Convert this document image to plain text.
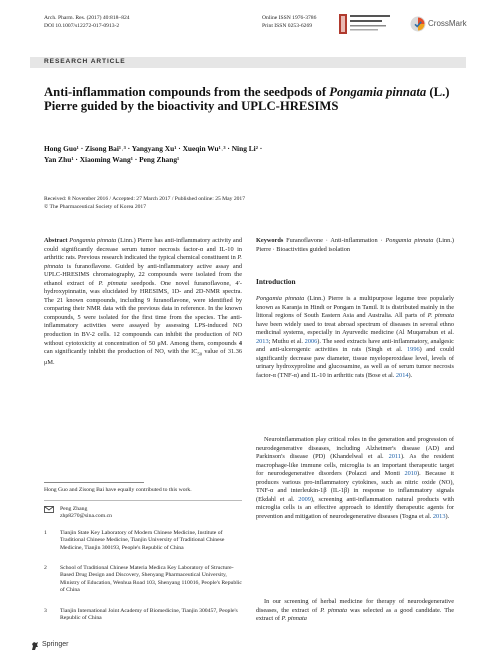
Arch. Pharm. Res. (2017) 40:818–824
DOI 10.1007/s12272-017-0913-2
Online ISSN 1976-3786
Print ISSN 0253-6269	CrossMark
RESEARCH ARTICLE
Anti-inflammation compounds from the seedpods of Pongamia pinnata (L.) Pierre guided by the bioactivity and UPLC-HRESIMS
Hong Guo¹ · Zisong Bai¹˒³ · Yangyang Xu¹ · Xueqin Wu¹˒³ · Ning Li² ·
Yan Zhu¹ · Xiaoming Wang¹ · Peng Zhang¹
Received: 8 November 2016 / Accepted: 27 March 2017 / Published online: 25 May 2017
© The Pharmaceutical Society of Korea 2017

Abstract Pongamia pinnata (Linn.) Pierre has anti-inflammatory activity and could significantly decrease serum tumor necrosis factor-α and IL-10 in arthritic rats. Previous research indicated the typical chemical constituent in P. pinnata is furanoflavone. Guided by anti-inflammatory active assay and UPLC-HRESIMS chromatography, 22 compounds were isolated from the ethanol extract of P. pinnata seedpods. One novel furanoflavone, 4′-hydroxypinnatin, was elucidated by HRESIMS, 1D- and 2D-NMR spectra. The 21 known compounds, including 9 furanoflavone, were identified by comparing their NMR data with the previous data in reference. In the known compounds, 5 were isolated for the first time from the species. The anti-inflammatory activities were assayed by assessing LPS-induced NO production in BV-2 cells. 12 compounds can inhibit the production of NO without cytotoxicity at concentration of 50 μM. Among them, compounds 4 can significantly inhibit the production of NO, with the $IC_{50}$ value of 31.36 μM.

Hong Guo and Zisong Bai have equally contributed to this work.
Peng Zhang
zhp8270@sina.com.cn
1 Tianjin State Key Laboratory of Modern Chinese Medicine, Institute of Traditional Chinese Medicine, Tianjin University of Traditional Chinese Medicine, Tianjin 300193, People's Republic of China
2 School of Traditional Chinese Materia Medica Key Laboratory of Structure-Based Drug Design and Discovery, Shenyang Pharmaceutical University, Ministry of Education, Wenhua Road 103, Shenyang 110016, People's Republic of China
3 Tianjin International Joint Academy of Biomedicine, Tianjin 300457, People's Republic of China
Springer

Keywords Furanoflavone · Anti-inflammation · Pongamia pinnata (Linn.) Pierre · Bioactivities guided isolation

Introduction

Pongamia pinnata (Linn.) Pierre is a multipurpose legume tree popularly known as Karanja in Hindi or Pongam in Tamil. It is distributed mainly in the littoral regions of South Eastern Asia and Australia. All parts of P. pinnata have been widely used to treat abroad spectrum of diseases in several ethno medicinal systems, especially in Ayurvedic medicine (Al Muqarrabun et al. 2013; Muthu et al. 2006). The seed extracts have anti-inflammatory, analgesic and anti-ulcerogenic activities in rats (Singh et al. 1996) and could significantly decrease paw diameter, tissue myeloperoxidase level, levels of urinary hydroxyproline and glucosamine, as well as of serum tumor necrosis factor-α (TNF-α) and IL-10 in arthritic rats (Bose et al. 2014).

Neuroinflammation play critical roles in the generation and progression of neurodegenerative diseases, including Alzheimer's disease (AD) and Parkinson's disease (PD) (Khandelwal et al. 2011). As the resident macrophage-like immune cells, microglia is an important therapeutic target for neurodegenerative disorders (Polazzi and Monti 2010). Because it produces various pro-inflammatory cytokines, such as nitric oxide (NO), TNF-α and interleukin-1β (IL-1β) in response to inflammatory signals (Ekdahl et al. 2009), screening anti-inflammation natural products with microglia cells is an effective approach to identify therapeutic agents for prevention and mitigation of neurodegenerative diseases (Togna et al. 2013).

In our screening of herbal medicine for therapy of neurodegenerative diseases, the extract of P. pinnata was selected as a good candidate. The extract of P. pinnata
